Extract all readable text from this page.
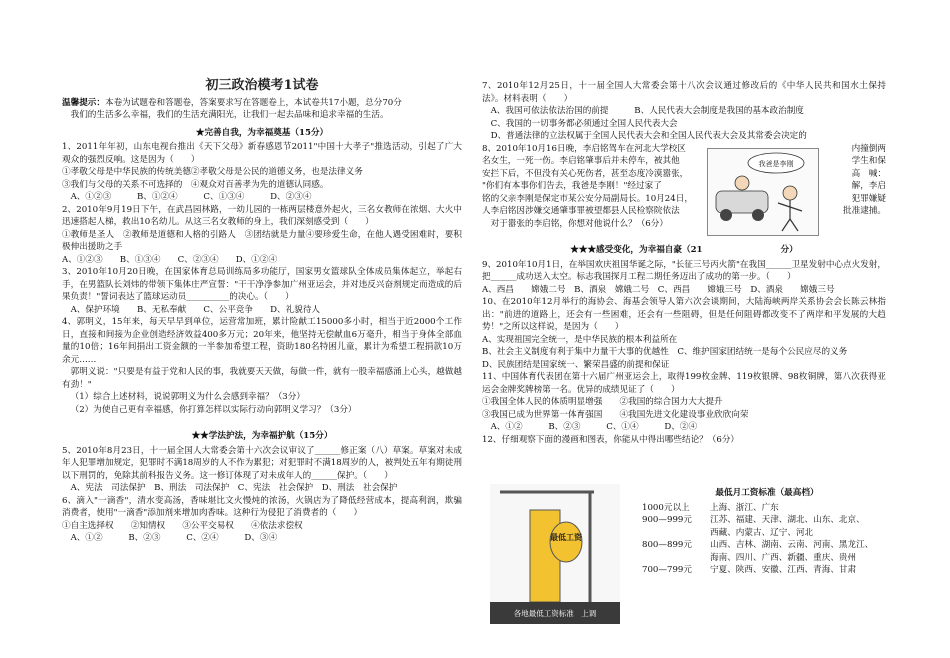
初三政治模考1试卷

温馨提示：本卷为试题卷和答题卷，答案要求写在答题卷上，本试卷共17小题，总分70分

我们的生活多么幸福，我们的生活充满阳光，让我们一起去品味和追求幸福的生活。

★完善自我，为幸福奠基（15分）

1、2011年年初，山东电视台推出《天下父母》新春感恩节2011"中国十大孝子"推选活动，引起了广大观众的强烈反响。这是因为（　　）

①孝敬父母是中华民族的传统美德②孝敬父母是公民的道德义务，也是法律义务

③我们与父母的关系不可选择的　④观众对百善孝为先的道德认同感。

A、①②③　　　B、①②④　　　C、①③④　　　D、②③④

2、2010年9月19日下午，在武昌园林路，一幼儿园的一栋两层楼意外起火，三名女教师在浓烟、大火中迅速搭起人梯，救出10名幼儿。从这三名女教师的身上，我们深刻感受到（　　）

①教师是圣人　②教师是道德和人格的引路人　③团结就是力量④要珍爱生命，在他人遇受困难时，要积极伸出援助之手

A、①②③　　B、①③④　　C、②③④　　D、①②④

3、2010年10月20日晚，在国家体育总局训练局多功能厅，国家男女篮球队全体成员集体起立，举起右手，在男篮队长刘炜的带领下集体庄严宣誓："干干净净参加广州亚运会，并对违反兴奋剂规定而造成的后果负责！"誓词表达了篮球运动员__________的决心。（　　）

A、保护环境　　B、无私奉献　　C、公平竞争　　D、礼貌待人

4、郭明义，15年来，每天早早到单位，运营常加班，累计险献工15000多小时，相当于近2000个工作日，直接和间接为企业创造经济效益400多万元；20年来，他坚持无偿献血6万毫升，相当于身体全部血量的10倍；16年间捐出工资金额的一半参加希望工程，资助180名特困儿童，累计为希望工程捐款10万余元……

郭明义说："只要是有益于党和人民的事，我就要天天做，每做一件，就有一股幸福感涌上心头，越做越有劲！"

（1）综合上述材料，说说郭明义为什么会感到幸福？（3分）

（2）为使自己更有幸福感，你打算怎样以实际行动向郭明义学习？（3分）

★★学法护法，为幸福护航（15分）

5、2010年8月23日，十一届全国人大常委会第十六次会议审议了______修正案（八）草案。草案对未成年人犯罪增加规定，犯罪时不满18周岁的人不作为累犯；对犯罪时不满18周岁的人，被判处五年有期徒刑以下刑罚的，免除其前科报告义务。这一修订体现了对未成年人的______保护。（　　）

A、宪法　司法保护　B、刑法　司法保护　C、宪法　社会保护　D、刑法　社会保护

6、滴入"一滴香"，清水变高汤，香味堪比文火慢炖的浓汤，火锅店为了降低经营成本，提高利润，欺骗消费者，使用"一滴香"添加剂来增加肉香味。这种行为侵犯了消费者的（　　）

①自主选择权　　②知情权　　③公平交易权　　④依法求偿权

A、①②　　　B、②③　　　C、②④　　　D、③④

7、2010年12月25日，十一届全国人大常委会第十八次会议通过修改后的《中华人民共和国水土保持法》。材料表明（　　）

A、我国可依法依法治国的前提　　　B、人民代表大会制度是我国的基本政治制度

C、我国的一切事务都必须通过全国人民代表大会

D、普通法律的立法权属于全国人民代表大会和全国人民代表大会及其常委会决定的

8、2010年10月16日晚，李启铭驾车在河北大学校区	内撞倒两
名女生，一死一伤。李启铭肇事后并未停车，被其他	学生和保
安拦下后，不但没有关心死伤者，甚至态度冷漠嚣张，	高　喊：
"你们有本事你们告去，我爸是李刚！"经过家了	解，李启
铭的父亲李刚是保定市某公安分局副局长。10月24日，	犯罪嫌疑
人李启铭因涉嫌交通肇事罪被望都县人民检察院依法	批准逮捕。

对于嚣张的李启铭，你想对他说什么？（6分）

★★★感受变化，为幸福自豪（21	分）

9、2010年10月1日，在举国欢庆祖国华诞之际，"长征三号丙火箭"在我国______卫星发射中心点火发射，把______成功送入太空。标志我国探月工程二期任务迈出了成功的第一步。（　　）

A、西昌　　嫦娥二号　B、酒泉　嫦娥二号　C、西昌　　嫦娥三号　D、酒泉　　嫦娥三号

10、在2010年12月举行的海协会、海基会领导人第六次会谈期间，大陆海峡两岸关系协会会长陈云林指出："前进的道路上，还会有一些困难，还会有一些阻碍，但是任何阻碍都改变不了两岸和平发展的大趋势！"之所以这样说，是因为（　　）

A、实现祖国完全统一，是中华民族的根本利益所在

B、社会主义制度有利于集中力量干大事的优越性　C、维护国家团结统一是每个公民应尽的义务

D、民族团结是国家统一、繁荣昌盛的前提和保证

11、中国体育代表团在第十六届广州亚运会上，取得199枚金牌、119枚银牌、98枚铜牌，第八次获得亚运会金牌奖牌榜第一名。优异的成绩见证了（　　）

①我国全体人民的体质明显增强　　②我国的综合国力大大提升

③我国已成为世界第一体育强国　　④我国先进文化建设事业欣欣向荣

A、①②　　　B、②③　　　C、①④　　　D、②④

12、仔细观察下面的漫画和图表，你能从中得出哪些结论？（6分）

我爸是李刚
最低工资
各地最低工资标准　上调
最低月工资标准（最高档）
1000元以上	上海、浙江、广东
900—999元	江苏、福建、天津、湖北、山东、北京、
西藏、内蒙古、辽宁、河北
800—899元	山西、吉林、湖南、云南、河南、黑龙江、
海南、四川、广西、新疆、重庆、贵州
700—799元	宁夏、陕西、安徽、江西、青海、甘肃
